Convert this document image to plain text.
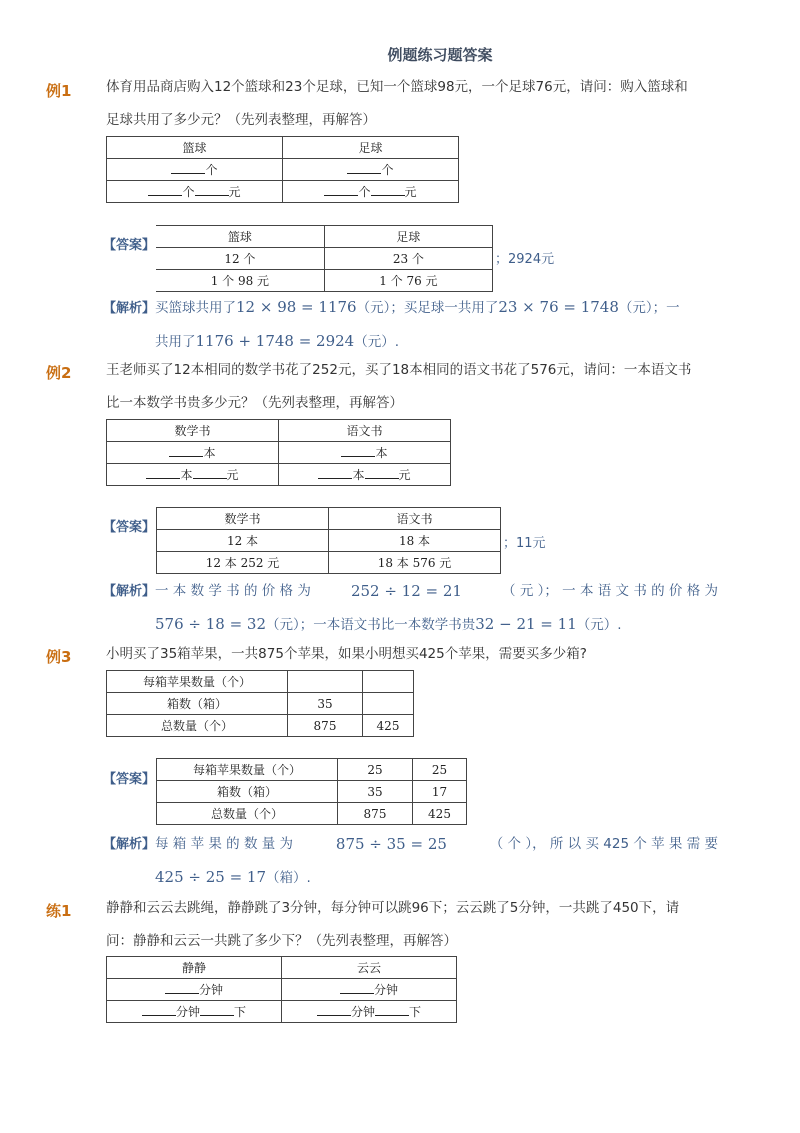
例题练习题答案
例1	体育用品商店购入12个篮球和23个足球，已知一个篮球98元，一个足球76元，请问：购入篮球和
足球共用了多少元？（先列表整理，再解答）
篮球	足球
个	个
个 元	个 元
【答案】
篮球	足球
12 个	23 个
1 个 98 元	1 个 76 元
；2924元
【解析】买篮球共用了12 × 98 = 1176（元）；买足球一共用了23 × 76 = 1748（元）；一
共用了1176 + 1748 = 2924（元）.
例2	王老师买了12本相同的数学书花了252元，买了18本相同的语文书花了576元，请问：一本语文书
比一本数学书贵多少元？（先列表整理，再解答）
数学书	语文书
本	本
本 元	本 元
【答案】
数学书	语文书
12 本	18 本
12 本 252 元	18 本 576 元
；11元
【解析】一 本 数 学 书 的 价 格 为	252 ÷ 12 = 21	（ 元 ）； 一 本 语 文 书 的 价 格 为
576 ÷ 18 = 32（元）；一本语文书比一本数学书贵32 − 21 = 11（元）.
例3	小明买了35箱苹果，一共875个苹果，如果小明想买425个苹果，需要买多少箱?
每箱苹果数量（个）		
箱数（箱）	35	
总数量（个）	875	425
【答案】
每箱苹果数量（个）	25	25
箱数（箱）	35	17
总数量（个）	875	425
【解析】每 箱 苹 果 的 数 量 为	875 ÷ 35 = 25	（ 个 ）， 所 以 买 425 个 苹 果 需 要
425 ÷ 25 = 17（箱）.
练1	静静和云云去跳绳，静静跳了3分钟，每分钟可以跳96下；云云跳了5分钟，一共跳了450下，请
问：静静和云云一共跳了多少下？（先列表整理，再解答）
静静	云云
分钟	分钟
分钟 下	分钟 下
